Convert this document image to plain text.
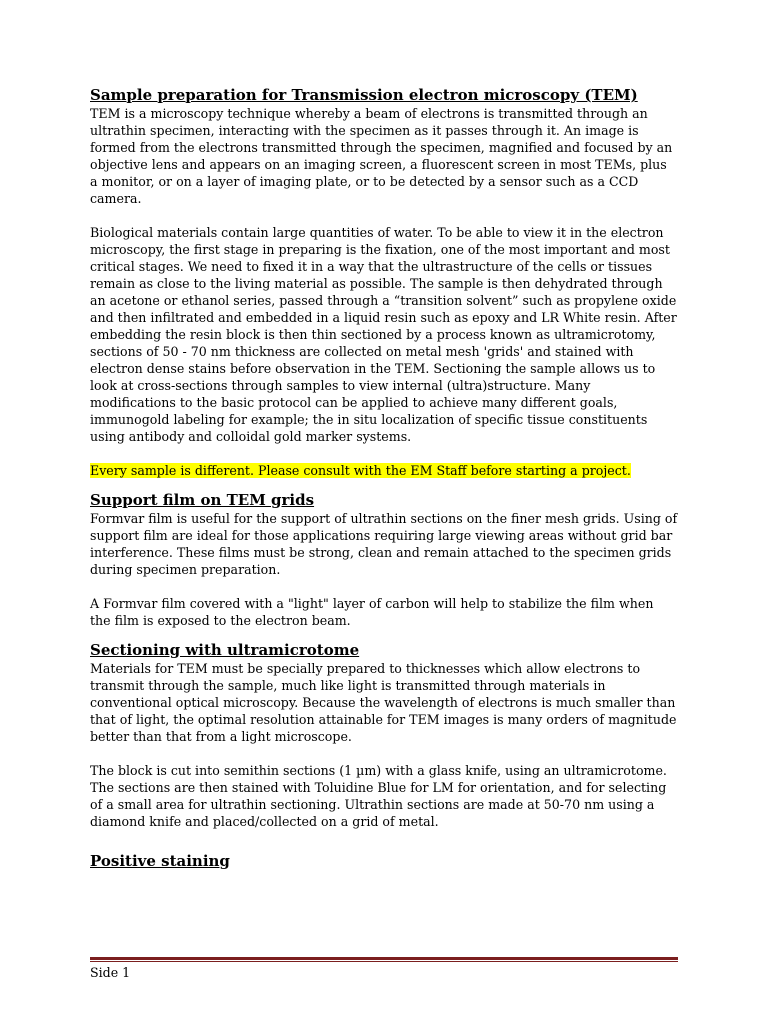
Sample preparation for Transmission electron microscopy (TEM)

TEM is a microscopy technique whereby a beam of electrons is transmitted through an ultrathin specimen, interacting with the specimen as it passes through it. An image is formed from the electrons transmitted through the specimen, magnified and focused by an objective lens and appears on an imaging screen, a fluorescent screen in most TEMs, plus a monitor, or on a layer of imaging plate, or to be detected by a sensor such as a CCD camera.

Biological materials contain large quantities of water. To be able to view it in the electron microscopy, the first stage in preparing is the fixation, one of the most important and most critical stages. We need to fixed it in a way that the ultrastructure of the cells or tissues remain as close to the living material as possible. The sample is then dehydrated through an acetone or ethanol series, passed through a “transition solvent” such as propylene oxide and then infiltrated and embedded in a liquid resin such as epoxy and LR White resin. After embedding the resin block is then thin sectioned by a process known as ultramicrotomy, sections of 50 - 70 nm thickness are collected on metal mesh 'grids' and stained with electron dense stains before observation in the TEM. Sectioning the sample allows us to look at cross-sections through samples to view internal (ultra)structure. Many modifications to the basic protocol can be applied to achieve many different goals, immunogold labeling for example; the in situ localization of specific tissue constituents using antibody and colloidal gold marker systems.

Every sample is different. Please consult with the EM Staff before starting a project.
Support film on TEM grids

Formvar film is useful for the support of ultrathin sections on the finer mesh grids. Using of support film are ideal for those applications requiring large viewing areas without grid bar interference. These films must be strong, clean and remain attached to the specimen grids during specimen preparation.

A Formvar film covered with a "light" layer of carbon will help to stabilize the film when the film is exposed to the electron beam.

Sectioning with ultramicrotome

Materials for TEM must be specially prepared to thicknesses which allow electrons to transmit through the sample, much like light is transmitted through materials in conventional optical microscopy. Because the wavelength of electrons is much smaller than that of light, the optimal resolution attainable for TEM images is many orders of magnitude better than that from a light microscope.

The block is cut into semithin sections (1 µm) with a glass knife, using an ultramicrotome. The sections are then stained with Toluidine Blue for LM for orientation, and for selecting of a small area for ultrathin sectioning. Ultrathin sections are made at 50-70 nm using a diamond knife and placed/collected on a grid of metal.

Positive staining
Side 1
